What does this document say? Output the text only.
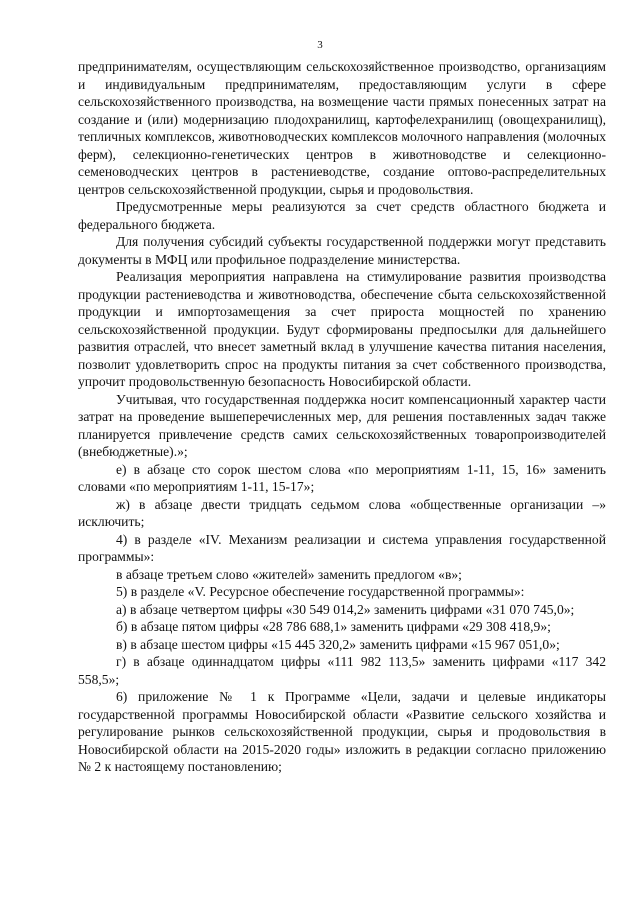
3

предпринимателям, осуществляющим сельскохозяйственное производство, организациям и индивидуальным предпринимателям, предоставляющим услуги в сфере сельскохозяйственного производства, на возмещение части прямых понесенных затрат на создание и (или) модернизацию плодохранилищ, картофелехранилищ (овощехранилищ), тепличных комплексов, животноводческих комплексов молочного направления (молочных ферм), селекционно-генетических центров в животноводстве и селекционно-семеноводческих центров в растениеводстве, создание оптово-распределительных центров сельскохозяйственной продукции, сырья и продовольствия.

Предусмотренные меры реализуются за счет средств областного бюджета и федерального бюджета.

Для получения субсидий субъекты государственной поддержки могут представить документы в МФЦ или профильное подразделение министерства.

Реализация мероприятия направлена на стимулирование развития производства продукции растениеводства и животноводства, обеспечение сбыта сельскохозяйственной продукции и импортозамещения за счет прироста мощностей по хранению сельскохозяйственной продукции. Будут сформированы предпосылки для дальнейшего развития отраслей, что внесет заметный вклад в улучшение качества питания населения, позволит удовлетворить спрос на продукты питания за счет собственного производства, упрочит продовольственную безопасность Новосибирской области.

Учитывая, что государственная поддержка носит компенсационный характер части затрат на проведение вышеперечисленных мер, для решения поставленных задач также планируется привлечение средств самих сельскохозяйственных товаропроизводителей (внебюджетные).»;

е) в абзаце сто сорок шестом слова «по мероприятиям 1-11, 15, 16» заменить словами «по мероприятиям 1-11, 15-17»;

ж) в абзаце двести тридцать седьмом слова «общественные организации –» исключить;

4) в разделе «IV. Механизм реализации и система управления государственной программы»:

в абзаце третьем слово «жителей» заменить предлогом «в»;

5) в разделе «V. Ресурсное обеспечение государственной программы»:

а) в абзаце четвертом цифры «30 549 014,2» заменить цифрами «31 070 745,0»;

б) в абзаце пятом цифры «28 786 688,1» заменить цифрами «29 308 418,9»;

в) в абзаце шестом цифры «15 445 320,2» заменить цифрами «15 967 051,0»;

г) в абзаце одиннадцатом цифры «111 982 113,5» заменить цифрами «117 342 558,5»;

6) приложение № 1 к Программе «Цели, задачи и целевые индикаторы государственной программы Новосибирской области «Развитие сельского хозяйства и регулирование рынков сельскохозяйственной продукции, сырья и продовольствия в Новосибирской области на 2015-2020 годы» изложить в редакции согласно приложению № 2 к настоящему постановлению;
